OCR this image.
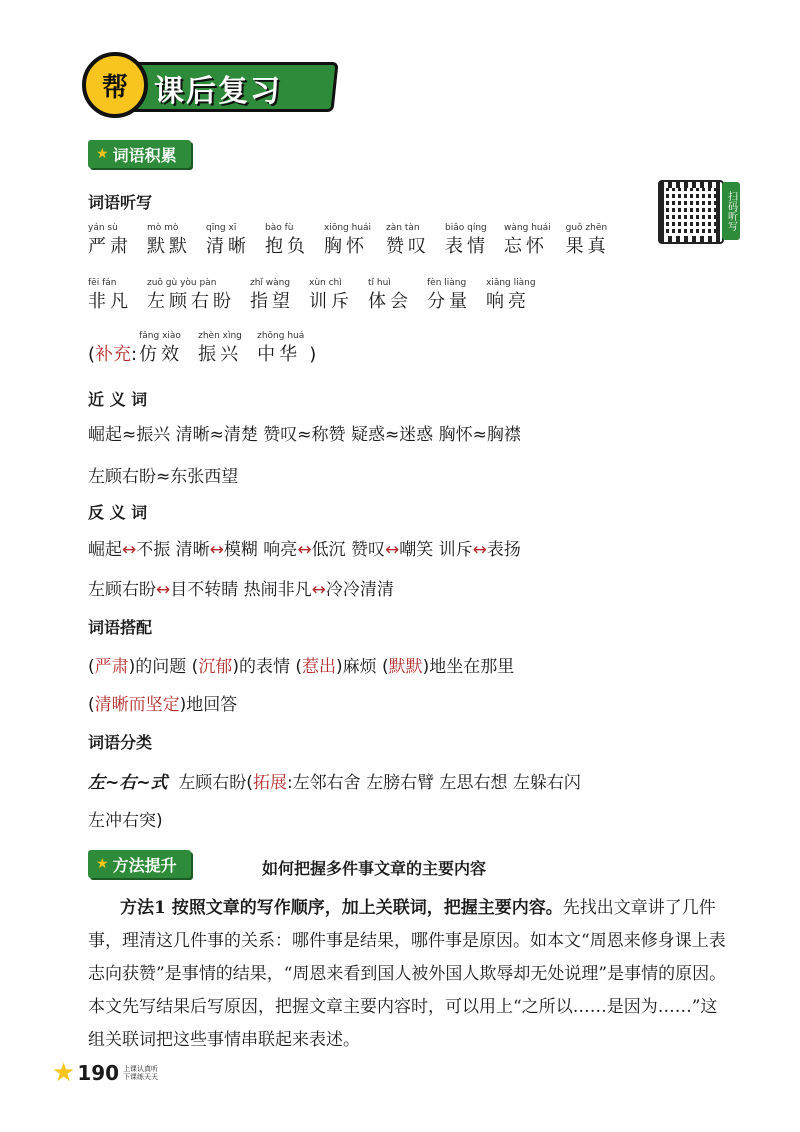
帮 课后复习
★ 词语积累
扫码听写
词语听写
yán sù
严肃
mò mò
默默
qīng xī
清晰
bào fù
抱负
xiōng huái
胸怀
zàn tàn
赞叹
biǎo qíng
表情
wàng huái
忘怀
guǒ zhēn
果真
fēi fán
非凡
zuǒ gù yòu pàn
左顾右盼
zhǐ wàng
指望
xùn chì
训斥
tǐ huì
体会
fèn liàng
分量
xiǎng liàng
响亮
( 补充 :
fǎng xiào
仿效
zhèn xìng
振兴
zhōng huá
中华 )
近 义 词
崛起≈振兴 清晰≈清楚 赞叹≈称赞 疑惑≈迷惑 胸怀≈胸襟
左顾右盼≈东张西望
反 义 词
崛起↔不振 清晰↔模糊 响亮↔低沉 赞叹↔嘲笑 训斥↔表扬
左顾右盼↔目不转睛 热闹非凡↔冷冷清清
词语搭配
(严肃)的问题 (沉郁)的表情 (惹出)麻烦 (默默)地坐在那里
(清晰而坚定)地回答
词语分类
左~右~式 左顾右盼(拓展:左邻右舍 左膀右臂 左思右想 左躲右闪
左冲右突)
★ 方法提升	如何把握多件事文章的主要内容
方法1 按照文章的写作顺序，加上关联词，把握主要内容。先找出文章讲了几件事，理清这几件事的关系：哪件事是结果，哪件事是原因。如本文“周恩来修身课上表志向获赞”是事情的结果，“周恩来看到国人被外国人欺辱却无处说理”是事情的原因。本文先写结果后写原因，把握文章主要内容时，可以用上“之所以……是因为……”这组关联词把这些事情串联起来表述。
★ 190 上课认真听 下课练天天
